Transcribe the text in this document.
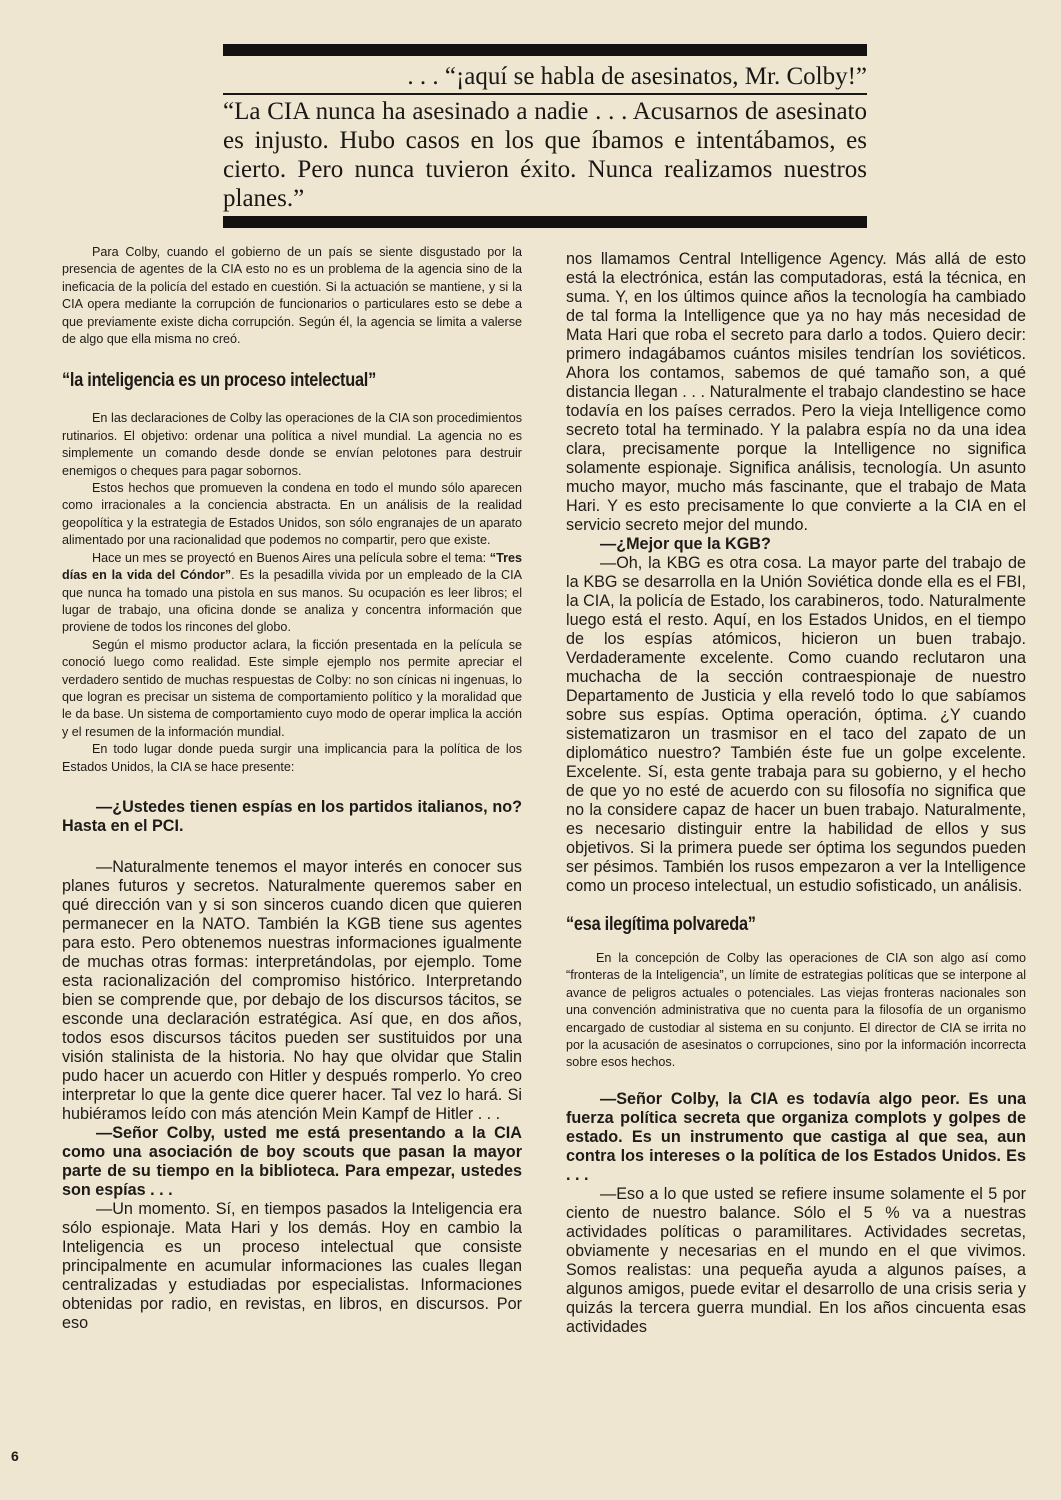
. . . “¡aquí se habla de asesinatos, Mr. Colby!”
“La CIA nunca ha asesinado a nadie . . . Acusarnos de asesinato es injusto. Hubo casos en los que íbamos e intentábamos, es cierto. Pero nunca tuvieron éxito. Nunca realizamos nuestros planes.”

Para Colby, cuando el gobierno de un país se siente disgustado por la presencia de agentes de la CIA esto no es un problema de la agencia sino de la ineficacia de la policía del estado en cuestión. Si la actuación se mantiene, y si la CIA opera mediante la corrupción de funcionarios o particulares esto se debe a que previamente existe dicha corrupción. Según él, la agencia se limita a valerse de algo que ella misma no creó.

“la inteligencia es un proceso intelectual”

En las declaraciones de Colby las operaciones de la CIA son procedimientos rutinarios. El objetivo: ordenar una política a nivel mundial. La agencia no es simplemente un comando desde donde se envían pelotones para destruir enemigos o cheques para pagar sobornos.

Estos hechos que promueven la condena en todo el mundo sólo aparecen como irracionales a la conciencia abstracta. En un análisis de la realidad geopolítica y la estrategia de Estados Unidos, son sólo engranajes de un aparato alimentado por una racionalidad que podemos no compartir, pero que existe.

Hace un mes se proyectó en Buenos Aires una película sobre el tema: “Tres días en la vida del Cóndor”. Es la pesadilla vivida por un empleado de la CIA que nunca ha tomado una pistola en sus manos. Su ocupación es leer libros; el lugar de trabajo, una oficina donde se analiza y concentra información que proviene de todos los rincones del globo.

Según el mismo productor aclara, la ficción presentada en la película se conoció luego como realidad. Este simple ejemplo nos permite apreciar el verdadero sentido de muchas respuestas de Colby: no son cínicas ni ingenuas, lo que logran es precisar un sistema de comportamiento político y la moralidad que le da base. Un sistema de comportamiento cuyo modo de operar implica la acción y el resumen de la información mundial.

En todo lugar donde pueda surgir una implicancia para la política de los Estados Unidos, la CIA se hace presente:

—¿Ustedes tienen espías en los partidos italianos, no? Hasta en el PCI.

—Naturalmente tenemos el mayor interés en conocer sus planes futuros y secretos. Naturalmente queremos saber en qué dirección van y si son sinceros cuando dicen que quieren permanecer en la NATO. También la KGB tiene sus agentes para esto. Pero obtenemos nuestras informaciones igualmente de muchas otras formas: interpretándolas, por ejemplo. Tome esta racionalización del compromiso histórico. Interpretando bien se comprende que, por debajo de los discursos tácitos, se esconde una declaración estratégica. Así que, en dos años, todos esos discursos tácitos pueden ser sustituidos por una visión stalinista de la historia. No hay que olvidar que Stalin pudo hacer un acuerdo con Hitler y después romperlo. Yo creo interpretar lo que la gente dice querer hacer. Tal vez lo hará. Si hubiéramos leído con más atención Mein Kampf de Hitler . . .

—Señor Colby, usted me está presentando a la CIA como una asociación de boy scouts que pasan la mayor parte de su tiempo en la biblioteca. Para empezar, ustedes son espías . . .

—Un momento. Sí, en tiempos pasados la Inteligencia era sólo espionaje. Mata Hari y los demás. Hoy en cambio la Inteligencia es un proceso intelectual que consiste principalmente en acumular informaciones las cuales llegan centralizadas y estudiadas por especialistas. Informaciones obtenidas por radio, en revistas, en libros, en discursos. Por eso

nos llamamos Central Intelligence Agency. Más allá de esto está la electrónica, están las computadoras, está la técnica, en suma. Y, en los últimos quince años la tecnología ha cambiado de tal forma la Intelligence que ya no hay más necesidad de Mata Hari que roba el secreto para darlo a todos. Quiero decir: primero indagábamos cuántos misiles tendrían los soviéticos. Ahora los contamos, sabemos de qué tamaño son, a qué distancia llegan . . . Naturalmente el trabajo clandestino se hace todavía en los países cerrados. Pero la vieja Intelligence como secreto total ha terminado. Y la palabra espía no da una idea clara, precisamente porque la Intelligence no significa solamente espionaje. Significa análisis, tecnología. Un asunto mucho mayor, mucho más fascinante, que el trabajo de Mata Hari. Y es esto precisamente lo que convierte a la CIA en el servicio secreto mejor del mundo.

—¿Mejor que la KGB?

—Oh, la KBG es otra cosa. La mayor parte del trabajo de la KBG se desarrolla en la Unión Soviética donde ella es el FBI, la CIA, la policía de Estado, los carabineros, todo. Naturalmente luego está el resto. Aquí, en los Estados Unidos, en el tiempo de los espías atómicos, hicieron un buen trabajo. Verdaderamente excelente. Como cuando reclutaron una muchacha de la sección contraespionaje de nuestro Departamento de Justicia y ella reveló todo lo que sabíamos sobre sus espías. Optima operación, óptima. ¿Y cuando sistematizaron un trasmisor en el taco del zapato de un diplomático nuestro? También éste fue un golpe excelente. Excelente. Sí, esta gente trabaja para su gobierno, y el hecho de que yo no esté de acuerdo con su filosofía no significa que no la considere capaz de hacer un buen trabajo. Naturalmente, es necesario distinguir entre la habilidad de ellos y sus objetivos. Si la primera puede ser óptima los segundos pueden ser pésimos. También los rusos empezaron a ver la Intelligence como un proceso intelectual, un estudio sofisticado, un análisis.

“esa ilegítima polvareda”

En la concepción de Colby las operaciones de CIA son algo así como “fronteras de la Inteligencia”, un límite de estrategias políticas que se interpone al avance de peligros actuales o potenciales. Las viejas fronteras nacionales son una convención administrativa que no cuenta para la filosofía de un organismo encargado de custodiar al sistema en su conjunto. El director de CIA se irrita no por la acusación de asesinatos o corrupciones, sino por la información incorrecta sobre esos hechos.

—Señor Colby, la CIA es todavía algo peor. Es una fuerza política secreta que organiza complots y golpes de estado. Es un instrumento que castiga al que sea, aun contra los intereses o la política de los Estados Unidos. Es . . .

—Eso a lo que usted se refiere insume solamente el 5 por ciento de nuestro balance. Sólo el 5 % va a nuestras actividades políticas o paramilitares. Actividades secretas, obviamente y necesarias en el mundo en el que vivimos. Somos realistas: una pequeña ayuda a algunos países, a algunos amigos, puede evitar el desarrollo de una crisis seria y quizás la tercera guerra mundial. En los años cincuenta esas actividades

6
